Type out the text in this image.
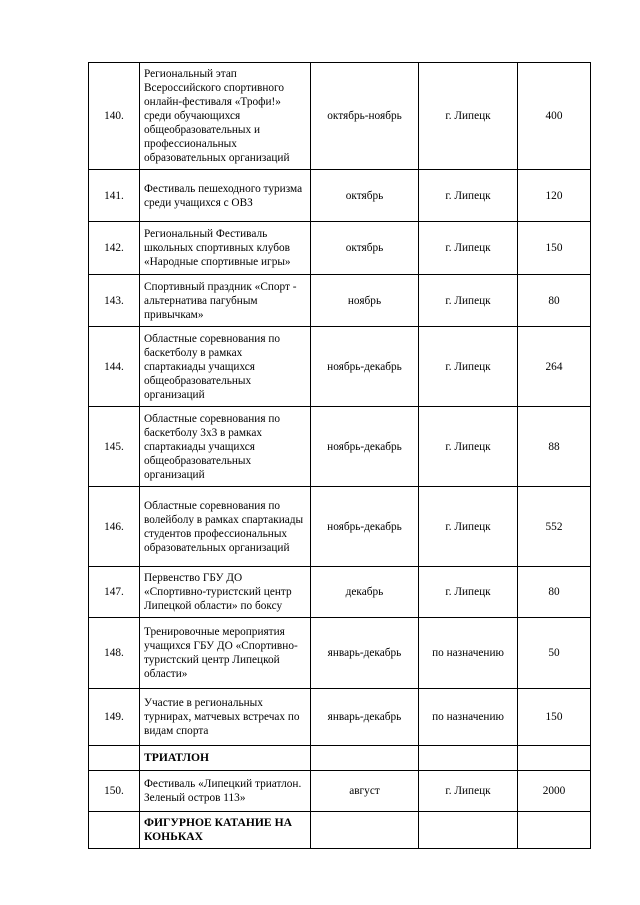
140.	Региональный этап Всероссийского спортивного онлайн-фестиваля «Трофи!» среди обучающихся общеобразовательных и профессиональных образовательных организаций	октябрь-ноябрь	г. Липецк	400
141.	Фестиваль пешеходного туризма среди учащихся с ОВЗ	октябрь	г. Липецк	120
142.	Региональный Фестиваль школьных спортивных клубов «Народные спортивные игры»	октябрь	г. Липецк	150
143.	Спортивный праздник «Спорт - альтернатива пагубным привычкам»	ноябрь	г. Липецк	80
144.	Областные соревнования по баскетболу в рамках спартакиады учащихся общеобразовательных организаций	ноябрь-декабрь	г. Липецк	264
145.	Областные соревнования по баскетболу 3х3 в рамках спартакиады учащихся общеобразовательных организаций	ноябрь-декабрь	г. Липецк	88
146.	Областные соревнования по волейболу в рамках спартакиады студентов профессиональных образовательных организаций	ноябрь-декабрь	г. Липецк	552
147.	Первенство ГБУ ДО «Спортивно-туристский центр Липецкой области» по боксу	декабрь	г. Липецк	80
148.	Тренировочные мероприятия учащихся ГБУ ДО «Спортивно-туристский центр Липецкой области»	январь-декабрь	по назначению	50
149.	Участие в региональных турнирах, матчевых встречах по видам спорта	январь-декабрь	по назначению	150
	ТРИАТЛОН			
150.	Фестиваль «Липецкий триатлон. Зеленый остров 113»	август	г. Липецк	2000
	ФИГУРНОЕ КАТАНИЕ НА КОНЬКАХ			
